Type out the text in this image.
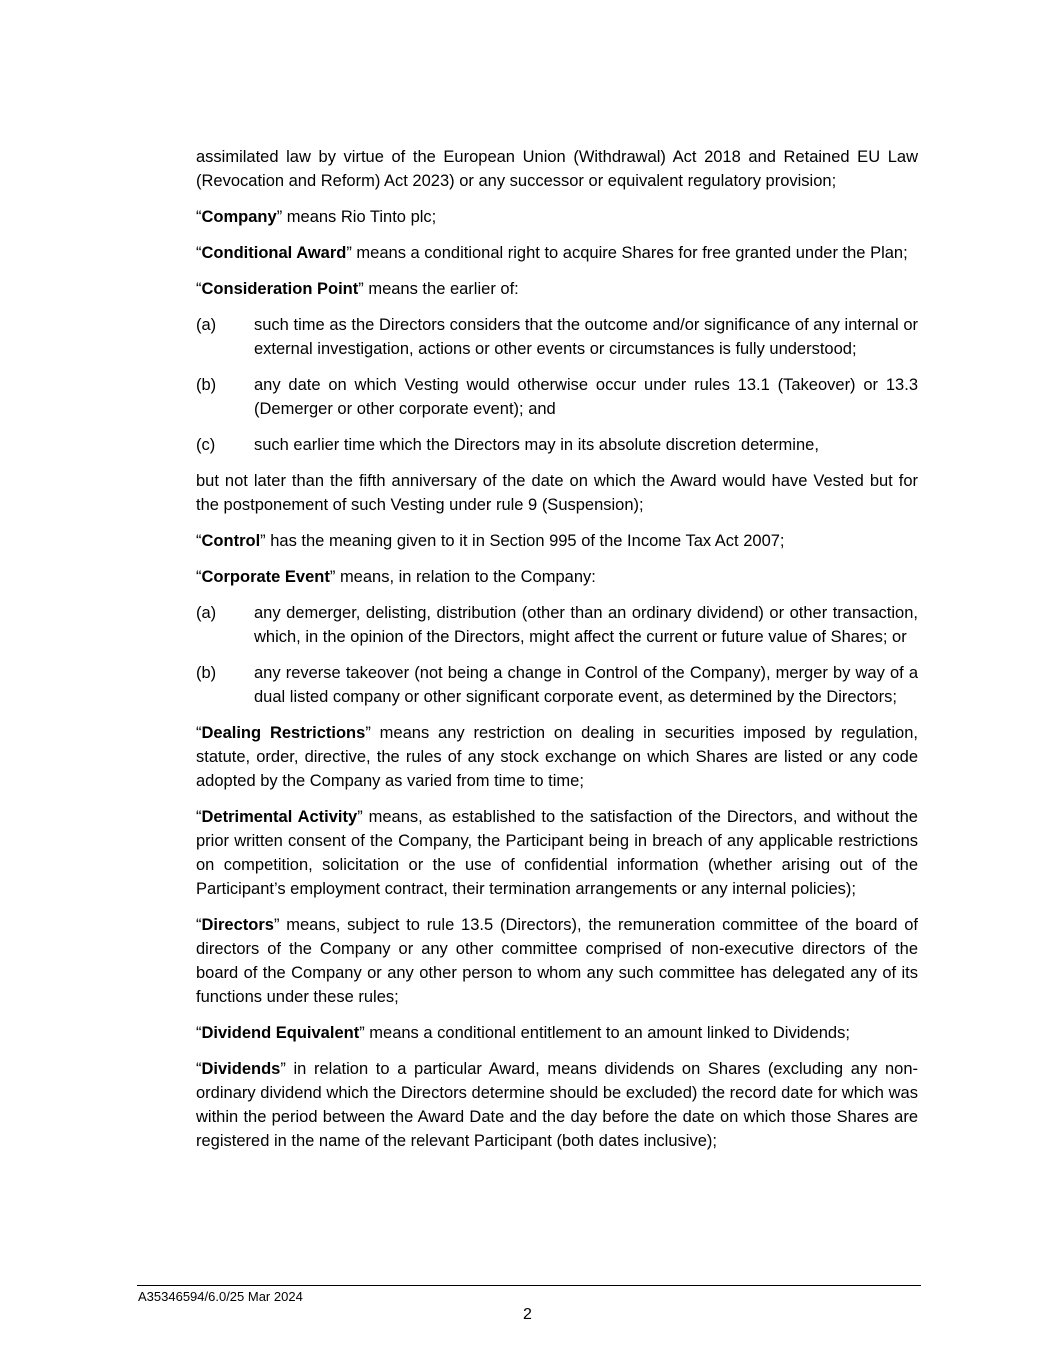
assimilated law by virtue of the European Union (Withdrawal) Act 2018 and Retained EU Law (Revocation and Reform) Act 2023) or any successor or equivalent regulatory provision;

“Company” means Rio Tinto plc;

“Conditional Award” means a conditional right to acquire Shares for free granted under the Plan;

“Consideration Point” means the earlier of:

(a)	such time as the Directors considers that the outcome and/or significance of any internal or external investigation, actions or other events or circumstances is fully understood;
(b)	any date on which Vesting would otherwise occur under rules 13.1 (Takeover) or 13.3 (Demerger or other corporate event); and
(c)	such earlier time which the Directors may in its absolute discretion determine,

but not later than the fifth anniversary of the date on which the Award would have Vested but for the postponement of such Vesting under rule 9 (Suspension);

“Control” has the meaning given to it in Section 995 of the Income Tax Act 2007;

“Corporate Event” means, in relation to the Company:

(a)	any demerger, delisting, distribution (other than an ordinary dividend) or other transaction, which, in the opinion of the Directors, might affect the current or future value of Shares; or
(b)	any reverse takeover (not being a change in Control of the Company), merger by way of a dual listed company or other significant corporate event, as determined by the Directors;

“Dealing Restrictions” means any restriction on dealing in securities imposed by regulation, statute, order, directive, the rules of any stock exchange on which Shares are listed or any code adopted by the Company as varied from time to time;

“Detrimental Activity” means, as established to the satisfaction of the Directors, and without the prior written consent of the Company, the Participant being in breach of any applicable restrictions on competition, solicitation or the use of confidential information (whether arising out of the Participant’s employment contract, their termination arrangements or any internal policies);

“Directors” means, subject to rule 13.5 (Directors), the remuneration committee of the board of directors of the Company or any other committee comprised of non-executive directors of the board of the Company or any other person to whom any such committee has delegated any of its functions under these rules;

“Dividend Equivalent” means a conditional entitlement to an amount linked to Dividends;

“Dividends” in relation to a particular Award, means dividends on Shares (excluding any non-ordinary dividend which the Directors determine should be excluded) the record date for which was within the period between the Award Date and the day before the date on which those Shares are registered in the name of the relevant Participant (both dates inclusive);

A35346594/6.0/25 Mar 2024
2
